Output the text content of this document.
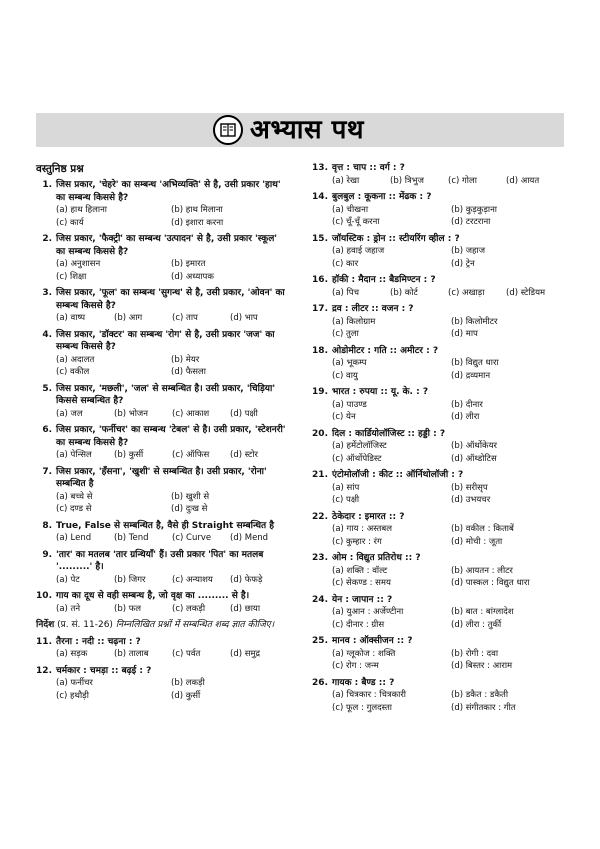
अभ्यास पथ
वस्तुनिष्ठ प्रश्न
1. जिस प्रकार, 'चेहरे' का सम्बन्ध 'अभिव्यक्ति' से है, उसी प्रकार 'हाथ' का सम्बन्ध किससे है?
(a) हाथ हिलाना	(b) हाथ मिलाना
(c) कार्य	(d) इशारा करना
2. जिस प्रकार, 'फैक्ट्री' का सम्बन्ध 'उत्पादन' से है, उसी प्रकार 'स्कूल' का सम्बन्ध किससे है?
(a) अनुशासन	(b) इमारत
(c) शिक्षा	(d) अध्यापक
3. जिस प्रकार, 'फूल' का सम्बन्ध 'सुगन्ध' से है, उसी प्रकार, 'ओवन' का सम्बन्ध किससे है?
(a) वाष्प	(b) आग	(c) ताप	(d) भाप
4. जिस प्रकार, 'डॉक्टर' का सम्बन्ध 'रोग' से है, उसी प्रकार 'जज' का सम्बन्ध किससे है?
(a) अदालत	(b) मेयर
(c) वकील	(d) फैसला
5. जिस प्रकार, 'मछली', 'जल' से सम्बन्धित है। उसी प्रकार, 'चिड़िया' किससे सम्बन्धित है?
(a) जल	(b) भोजन	(c) आकाश	(d) पक्षी
6. जिस प्रकार, 'फर्नीचर' का सम्बन्ध 'टेबल' से है। उसी प्रकार, 'स्टेशनरी' का सम्बन्ध किससे है?
(a) पेन्सिल	(b) कुर्सी	(c) ऑफिस	(d) स्टोर
7. जिस प्रकार, 'हँसना', 'खुशी' से सम्बन्धित है। उसी प्रकार, 'रोना' सम्बन्धित है
(a) बच्चे से	(b) खुशी से
(c) दण्ड से	(d) दुःख से
8. True, False से सम्बन्धित है, वैसे ही Straight सम्बन्धित है
(a) Lend	(b) Tend	(c) Curve	(d) Mend
9. 'तार' का मतलब 'तार ग्रन्थियाँ' हैं। उसी प्रकार 'पित' का मतलब '.........' है।
(a) पेट	(b) जिगर	(c) अन्याशय	(d) फेफड़े
10. गाय का दूध से वही सम्बन्ध है, जो वृक्ष का ......... से है।
(a) तने	(b) फल	(c) लकड़ी	(d) छाया
निर्देश (प्र. सं. 11-26) निम्नलिखित प्रश्नों में सम्बन्धित शब्द ज्ञात कीजिए।
11. तैरना : नदी :: चढ़ना : ?
(a) सड़क	(b) तालाब	(c) पर्वत	(d) समुद्र
12. चर्मकार : चमड़ा :: बढ़ई : ?
(a) फर्नीचर	(b) लकड़ी
(c) हथौड़ी	(d) कुर्सी
13. वृत्त : चाप :: वर्ग : ?
(a) रेखा	(b) त्रिभुज	(c) गोला	(d) आयत
14. बुलबुल : कूकना :: मेंढक : ?
(a) चीखना	(b) कुड़कुड़ाना
(c) चूँ-चूँ करना	(d) टरटराना
15. जॉयस्टिक : ड्रोन :: स्टीयरिंग व्हील : ?
(a) हवाई जहाज	(b) जहाज
(c) कार	(d) ट्रेन
16. हॉकी : मैदान :: बैडमिण्टन : ?
(a) पिच	(b) कोर्ट	(c) अखाड़ा	(d) स्टेडियम
17. द्रव : लीटर :: वजन : ?
(a) किलोग्राम	(b) किलोमीटर
(c) तुला	(d) माप
18. ओडोमीटर : गति :: अमीटर : ?
(a) भूकम्प	(b) विद्युत धारा
(c) वायु	(d) द्रव्यमान
19. भारत : रुपया :: यू. के. : ?
(a) पाउण्ड	(b) दीनार
(c) येन	(d) लीरा
20. दिल : कार्डियोलॉजिस्ट :: हड्डी : ?
(a) हर्मेटोलॉजिस्ट	(b) ऑर्थोकेयर
(c) ऑर्थोपेडिस्ट	(d) ऑथ्डोटिस
21. एंटोमोलॉजी : कीट :: ऑर्निथोलॉजी : ?
(a) सांप	(b) सरीसृप
(c) पक्षी	(d) उभयचर
22. ठेकेदार : इमारत :: ?
(a) गाय : अस्तबल	(b) वकील : किताबें
(c) कुम्हार : रंग	(d) मोची : जूता
23. ओम : विद्युत प्रतिरोध :: ?
(a) शक्ति : वॉल्ट	(b) आयतन : लीटर
(c) सेकण्ड : समय	(d) पास्कल : विद्युत धारा
24. येन : जापान :: ?
(a) युआन : अर्जेण्टीना	(b) बात : बांग्लादेश
(c) दीनार : ग्रीस	(d) लीरा : तुर्की
25. मानव : ऑक्सीजन :: ?
(a) ग्लूकोज : शक्ति	(b) रोगी : दवा
(c) रोग : जन्म	(d) बिस्तर : आराम
26. गायक : बैण्ड :: ?
(a) चित्रकार : चित्रकारी	(b) डकैत : डकैती
(c) फूल : गुलदस्ता	(d) संगीतकार : गीत
